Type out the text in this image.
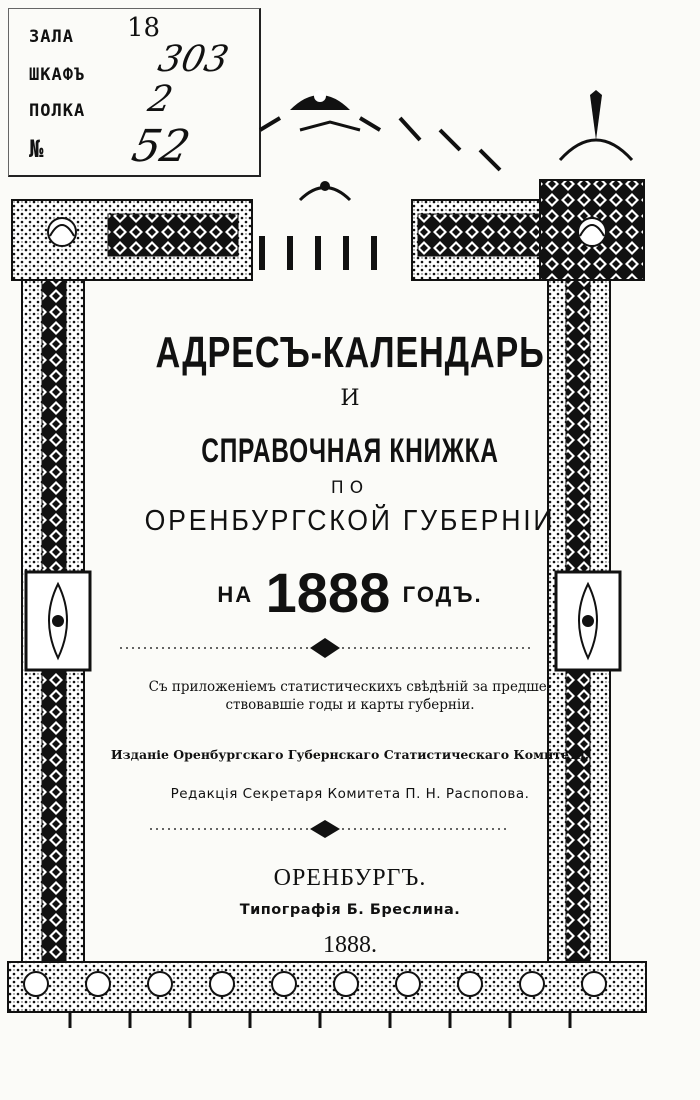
ЗАЛА 18
ШКАФЪ 303
ПОЛКА 2
№ 52
АДРЕСЪ-КАЛЕНДАРЬ
И
СПРАВОЧНАЯ КНИЖКА
ПО
ОРЕНБУРГСКОЙ ГУБЕРНІИ
НА 1888 ГОДЪ.
Съ приложеніемъ статистическихъ свѣдѣній за предше-
ствовавшіе годы и карты губерніи.
Изданіе Оренбургскаго Губернскаго Статистическаго Комитета.
Редакція Секретаря Комитета П. Н. Распопова.
ОРЕНБУРГЪ.
Типографія Б. Бреслина.
1888.
